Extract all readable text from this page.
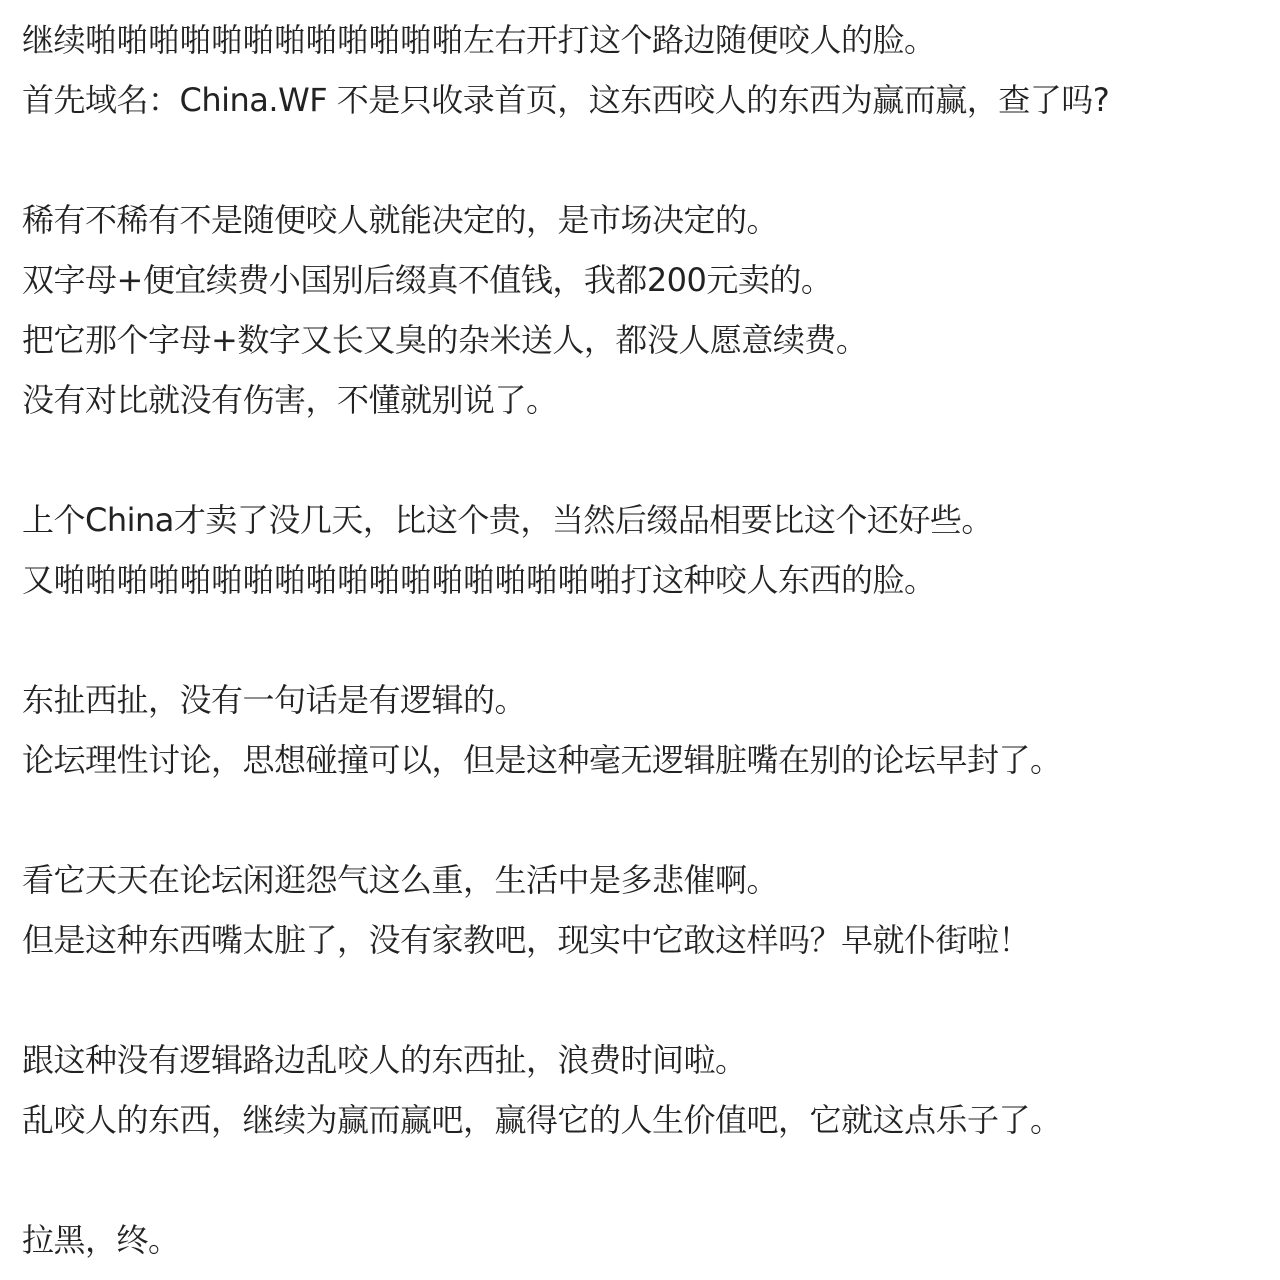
继续啪啪啪啪啪啪啪啪啪啪啪啪左右开打这个路边随便咬人的脸。
首先域名：China.WF 不是只收录首页，这东西咬人的东西为赢而赢，查了吗?
稀有不稀有不是随便咬人就能决定的，是市场决定的。
双字母+便宜续费小国别后缀真不值钱，我都200元卖的。
把它那个字母+数字又长又臭的杂米送人，都没人愿意续费。
没有对比就没有伤害，不懂就别说了。
上个China才卖了没几天，比这个贵，当然后缀品相要比这个还好些。
又啪啪啪啪啪啪啪啪啪啪啪啪啪啪啪啪啪啪打这种咬人东西的脸。
东扯西扯，没有一句话是有逻辑的。
论坛理性讨论，思想碰撞可以，但是这种毫无逻辑脏嘴在别的论坛早封了。
看它天天在论坛闲逛怨气这么重，生活中是多悲催啊。
但是这种东西嘴太脏了，没有家教吧，现实中它敢这样吗？早就仆街啦！
跟这种没有逻辑路边乱咬人的东西扯，浪费时间啦。
乱咬人的东西，继续为赢而赢吧，赢得它的人生价值吧，它就这点乐子了。
拉黑，终。
